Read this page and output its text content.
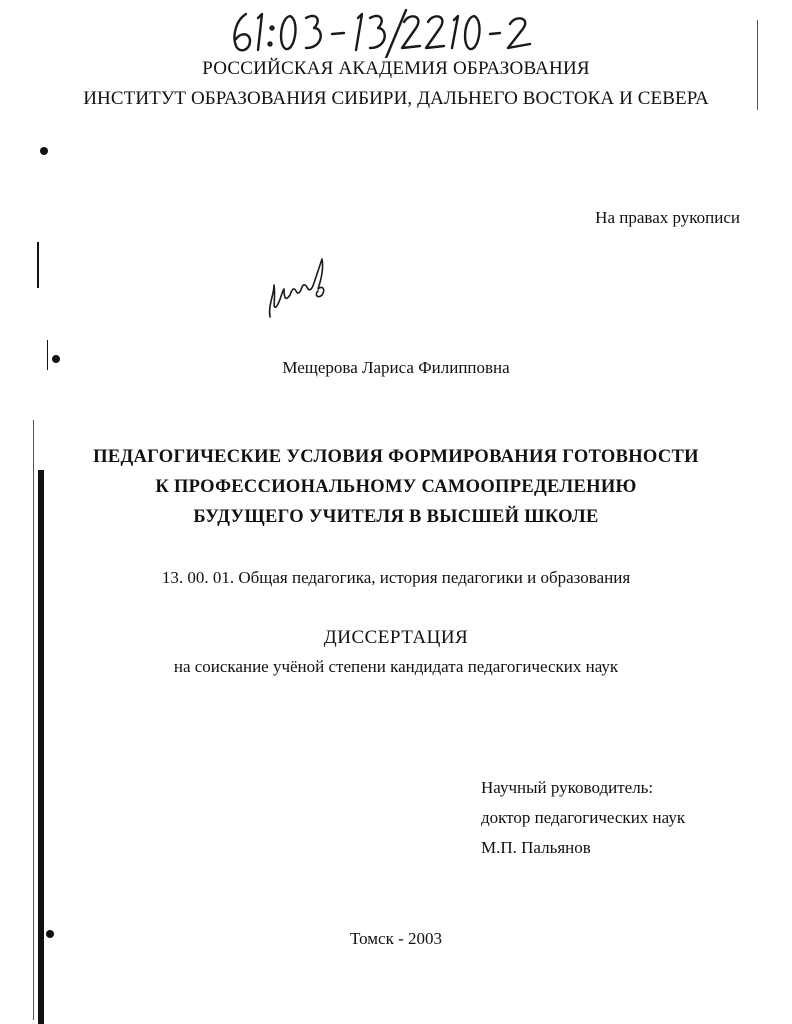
РОССИЙСКАЯ АКАДЕМИЯ ОБРАЗОВАНИЯ
ИНСТИТУТ ОБРАЗОВАНИЯ СИБИРИ, ДАЛЬНЕГО ВОСТОКА И СЕВЕРА
На правах рукописи
Мещерова Лариса Филипповна
ПЕДАГОГИЧЕСКИЕ УСЛОВИЯ ФОРМИРОВАНИЯ ГОТОВНОСТИ
К ПРОФЕССИОНАЛЬНОМУ САМООПРЕДЕЛЕНИЮ
БУДУЩЕГО УЧИТЕЛЯ В ВЫСШЕЙ ШКОЛЕ
13. 00. 01. Общая педагогика, история педагогики и образования
ДИССЕРТАЦИЯ
на соискание учёной степени кандидата педагогических наук
Научный руководитель:
доктор педагогических наук
М.П. Пальянов
Томск - 2003
